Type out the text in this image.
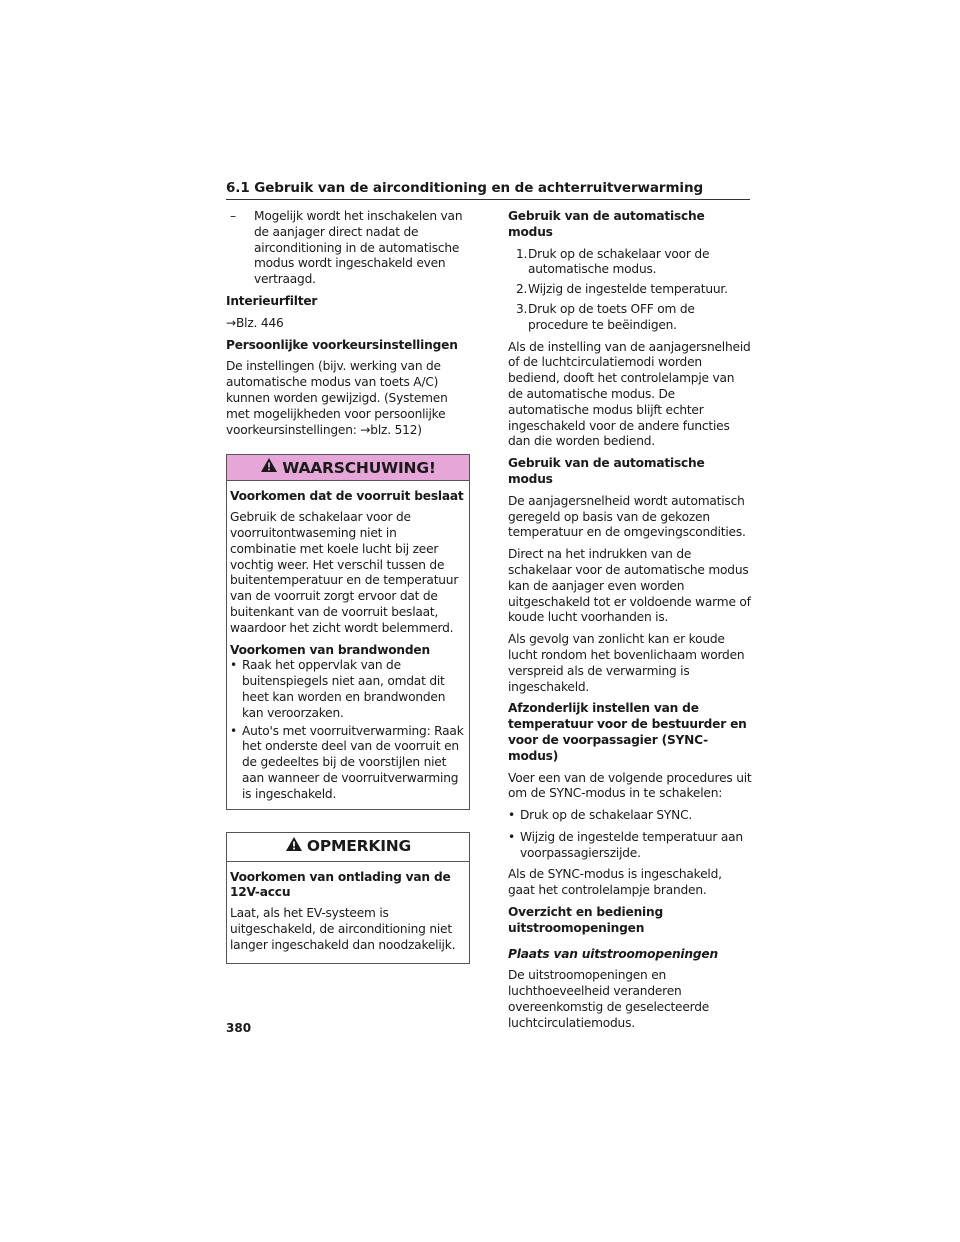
6.1 Gebruik van de airconditioning en de achterruitverwarming
– Mogelijk wordt het inschakelen van de aanjager direct nadat de airconditioning in de automatische modus wordt ingeschakeld even vertraagd.
Interieurfilter

→Blz. 446

Persoonlijke voorkeursinstellingen

De instellingen (bijv. werking van de automatische modus van toets A/C) kunnen worden gewijzigd. (Systemen met mogelijkheden voor persoonlijke voorkeursinstellingen: →blz. 512)

WAARSCHUWING!
Voorkomen dat de voorruit beslaat

Gebruik de schakelaar voor de voorruitontwaseming niet in combinatie met koele lucht bij zeer vochtig weer. Het verschil tussen de buitentemperatuur en de temperatuur van de voorruit zorgt ervoor dat de buitenkant van de voorruit beslaat, waardoor het zicht wordt belemmerd.

Voorkomen van brandwonden
• Raak het oppervlak van de buitenspiegels niet aan, omdat dit heet kan worden en brandwonden kan veroorzaken.
• Auto's met voorruitverwarming: Raak het onderste deel van de voorruit en de gedeeltes bij de voorstijlen niet aan wanneer de voorruitverwarming is ingeschakeld.
OPMERKING
Voorkomen van ontlading van de 12V-accu

Laat, als het EV-systeem is uitgeschakeld, de airconditioning niet langer ingeschakeld dan noodzakelijk.

Gebruik van de automatische modus
1. Druk op de schakelaar voor de automatische modus.
2. Wijzig de ingestelde temperatuur.
3. Druk op de toets OFF om de procedure te beëindigen.

Als de instelling van de aanjagersnelheid of de luchtcirculatiemodi worden bediend, dooft het controlelampje van de automatische modus. De automatische modus blijft echter ingeschakeld voor de andere functies dan die worden bediend.

Gebruik van de automatische modus

De aanjagersnelheid wordt automatisch geregeld op basis van de gekozen temperatuur en de omgevingscondities.

Direct na het indrukken van de schakelaar voor de automatische modus kan de aanjager even worden uitgeschakeld tot er voldoende warme of koude lucht voorhanden is.

Als gevolg van zonlicht kan er koude lucht rondom het bovenlichaam worden verspreid als de verwarming is ingeschakeld.

Afzonderlijk instellen van de temperatuur voor de bestuurder en voor de voorpassagier (SYNC-modus)

Voer een van de volgende procedures uit om de SYNC-modus in te schakelen:

• Druk op de schakelaar SYNC.
• Wijzig de ingestelde temperatuur aan voorpassagierszijde.

Als de SYNC-modus is ingeschakeld, gaat het controlelampje branden.

Overzicht en bediening uitstroomopeningen
Plaats van uitstroomopeningen

De uitstroomopeningen en luchthoeveelheid veranderen overeenkomstig de geselecteerde luchtcirculatiemodus.

380
